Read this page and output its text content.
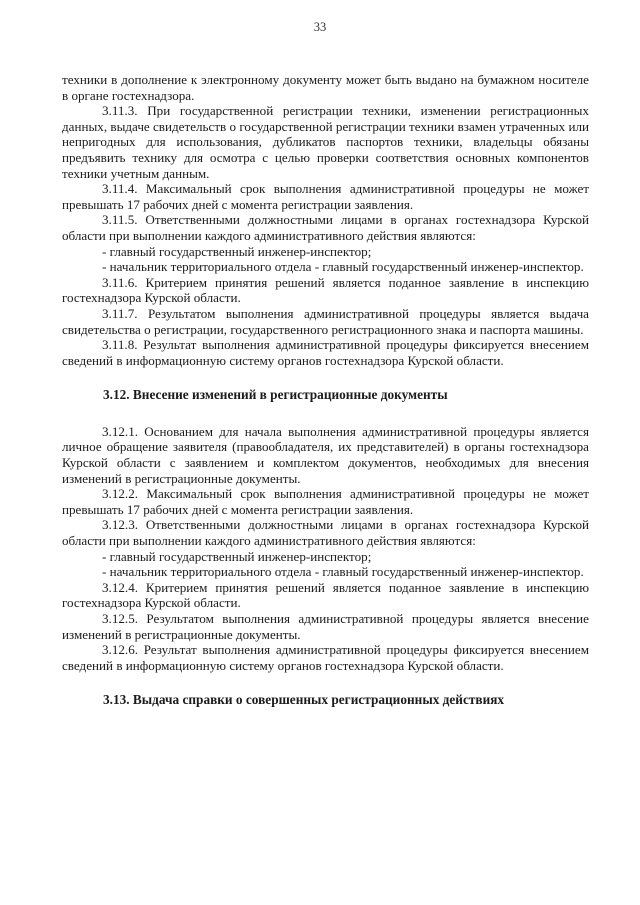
33

техники в дополнение к электронному документу может быть выдано на бумажном носителе в органе гостехнадзора.

3.11.3. При государственной регистрации техники, изменении регистрационных данных, выдаче свидетельств о государственной регистрации техники взамен утраченных или непригодных для использования, дубликатов паспортов техники, владельцы обязаны предъявить технику для осмотра с целью проверки соответствия основных компонентов техники учетным данным.

3.11.4. Максимальный срок выполнения административной процедуры не может превышать 17 рабочих дней с момента регистрации заявления.

3.11.5. Ответственными должностными лицами в органах гостехнадзора Курской области при выполнении каждого административного действия являются:

- главный государственный инженер-инспектор;

- начальник территориального отдела - главный государственный инженер-инспектор.

3.11.6. Критерием принятия решений является поданное заявление в инспекцию гостехнадзора Курской области.

3.11.7. Результатом выполнения административной процедуры является выдача свидетельства о регистрации, государственного регистрационного знака и паспорта машины.

3.11.8. Результат выполнения административной процедуры фиксируется внесением сведений в информационную систему органов гостехнадзора Курской области.

3.12. Внесение изменений в регистрационные документы

3.12.1. Основанием для начала выполнения административной процедуры является личное обращение заявителя (правообладателя, их представителей) в органы гостехнадзора Курской области с заявлением и комплектом документов, необходимых для внесения изменений в регистрационные документы.

3.12.2. Максимальный срок выполнения административной процедуры не может превышать 17 рабочих дней с момента регистрации заявления.

3.12.3. Ответственными должностными лицами в органах гостехнадзора Курской области при выполнении каждого административного действия являются:

- главный государственный инженер-инспектор;

- начальник территориального отдела - главный государственный инженер-инспектор.

3.12.4. Критерием принятия решений является поданное заявление в инспекцию гостехнадзора Курской области.

3.12.5. Результатом выполнения административной процедуры является внесение изменений в регистрационные документы.

3.12.6. Результат выполнения административной процедуры фиксируется внесением сведений в информационную систему органов гостехнадзора Курской области.

3.13. Выдача справки о совершенных регистрационных действиях
